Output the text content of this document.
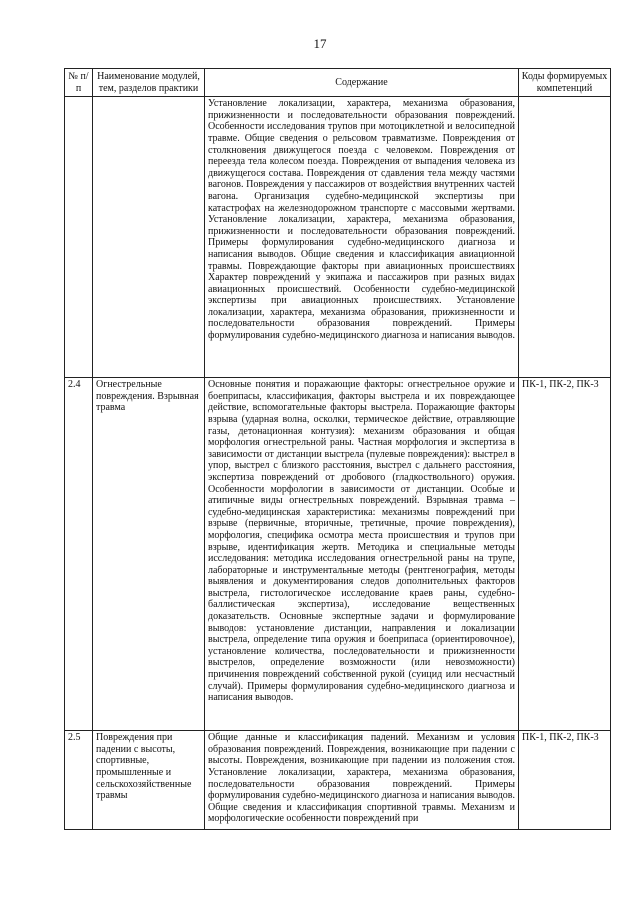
17
№ п/п	Наименование модулей, тем, разделов практики	Содержание	Коды формируемых компетенций
		Установление локализации, характера, механизма образования, прижизненности и последовательности образования повреждений. Особенности исследования трупов при мотоциклетной и велосипедной травме. Общие сведения о рельсовом травматизме. Повреждения от столкновения движущегося поезда с человеком. Повреждения от переезда тела колесом поезда. Повреждения от выпадения человека из движущегося состава. Повреждения от сдавления тела между частями вагонов. Повреждения у пассажиров от воздействия внутренних частей вагона. Организация судебно-медицинской экспертизы при катастрофах на железнодорожном транспорте с массовыми жертвами. Установление локализации, характера, механизма образования, прижизненности и последовательности образования повреждений. Примеры формулирования судебно-медицинского диагноза и написания выводов. Общие сведения и классификация авиационной травмы. Повреждающие факторы при авиационных происшествиях Характер повреждений у экипажа и пассажиров при разных видах авиационных происшествий. Особенности судебно-медицинской экспертизы при авиационных происшествиях. Установление локализации, характера, механизма образования, прижизненности и последовательности образования повреждений. Примеры формулирования судебно-медицинского диагноза и написания выводов.	
2.4	Огнестрельные повреждения. Взрывная травма	Основные понятия и поражающие факторы: огнестрельное оружие и боеприпасы, классификация, факторы выстрела и их повреждающее действие, вспомогательные факторы выстрела. Поражающие факторы взрыва (ударная волна, осколки, термическое действие, отравляющие газы, детонационная контузия): механизм образования и общая морфология огнестрельной раны. Частная морфология и экспертиза в зависимости от дистанции выстрела (пулевые повреждения): выстрел в упор, выстрел с близкого расстояния, выстрел с дальнего расстояния, экспертиза повреждений от дробового (гладкоствольного) оружия. Особенности морфологии в зависимости от дистанции. Особые и атипичные виды огнестрельных повреждений. Взрывная травма – судебно-медицинская характеристика: механизмы повреждений при взрыве (первичные, вторичные, третичные, прочие повреждения), морфология, специфика осмотра места происшествия и трупов при взрыве, идентификация жертв. Методика и специальные методы исследования: методика исследования огнестрельной раны на трупе, лабораторные и инструментальные методы (рентгенография, методы выявления и документирования следов дополнительных факторов выстрела, гистологическое исследование краев раны, судебно-баллистическая экспертиза), исследование вещественных доказательств. Основные экспертные задачи и формулирование выводов: установление дистанции, направления и локализации выстрела, определение типа оружия и боеприпаса (ориентировочное), установление количества, последовательности и прижизненности выстрелов, определение возможности (или невозможности) причинения повреждений собственной рукой (суицид или несчастный случай). Примеры формулирования судебно-медицинского диагноза и написания выводов.	ПК-1, ПК-2, ПК-3
2.5	Повреждения при падении с высоты, спортивные, промышленные и сельскохозяйственные травмы	Общие данные и классификация падений. Механизм и условия образования повреждений. Повреждения, возникающие при падении с высоты. Повреждения, возникающие при падении из положения стоя. Установление локализации, характера, механизма образования, последовательности образования повреждений. Примеры формулирования судебно-медицинского диагноза и написания выводов. Общие сведения и классификация спортивной травмы. Механизм и морфологические особенности повреждений при	ПК-1, ПК-2, ПК-3
